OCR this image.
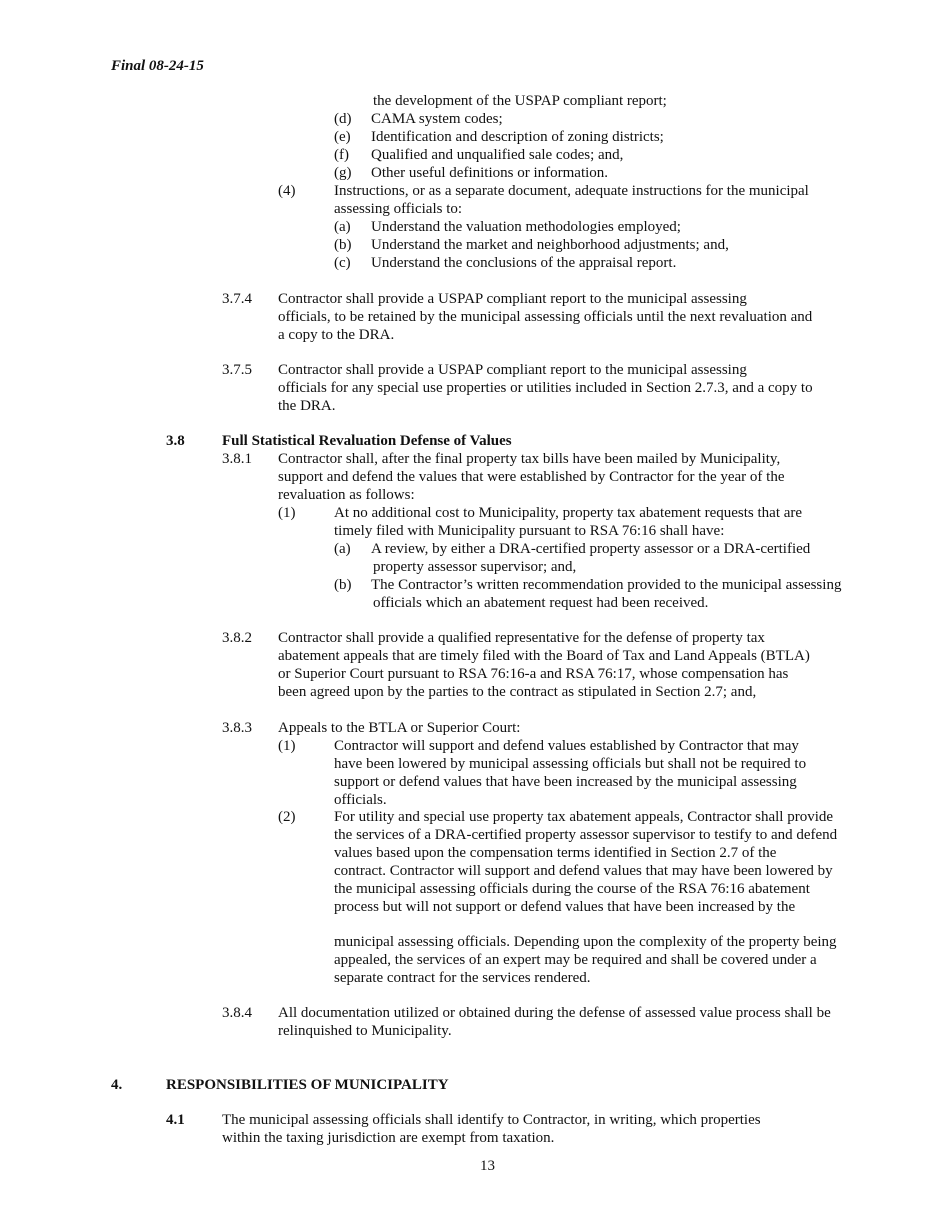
Final 08-24-15
the development of the USPAP compliant report;
(d) CAMA system codes;
(e) Identification and description of zoning districts;
(f) Qualified and unqualified sale codes; and,
(g) Other useful definitions or information.
(4)	Instructions, or as a separate document, adequate instructions for the municipal
assessing officials to:
(a) Understand the valuation methodologies employed;
(b) Understand the market and neighborhood adjustments; and,
(c) Understand the conclusions of the appraisal report.
3.7.4 Contractor shall provide a USPAP compliant report to the municipal assessing
officials, to be retained by the municipal assessing officials until the next revaluation and
a copy to the DRA.
3.7.5 Contractor shall provide a USPAP compliant report to the municipal assessing
officials for any special use properties or utilities included in Section 2.7.3, and a copy to
the DRA.
3.8 Full Statistical Revaluation Defense of Values
3.8.1 Contractor shall, after the final property tax bills have been mailed by Municipality,
support and defend the values that were established by Contractor for the year of the
revaluation as follows:
(1)	At no additional cost to Municipality, property tax abatement requests that are
timely filed with Municipality pursuant to RSA 76:16 shall have:
(a) A review, by either a DRA-certified property assessor or a DRA-certified
property assessor supervisor; and,
(b) The Contractor’s written recommendation provided to the municipal assessing
officials which an abatement request had been received.
3.8.2 Contractor shall provide a qualified representative for the defense of property tax
abatement appeals that are timely filed with the Board of Tax and Land Appeals (BTLA)
or Superior Court pursuant to RSA 76:16-a and RSA 76:17, whose compensation has
been agreed upon by the parties to the contract as stipulated in Section 2.7; and,
3.8.3 Appeals to the BTLA or Superior Court:
(1)	Contractor will support and defend values established by Contractor that may
have been lowered by municipal assessing officials but shall not be required to
support or defend values that have been increased by the municipal assessing
officials.
(2)	For utility and special use property tax abatement appeals, Contractor shall provide
the services of a DRA-certified property assessor supervisor to testify to and defend
values based upon the compensation terms identified in Section 2.7 of the
contract. Contractor will support and defend values that may have been lowered by
the municipal assessing officials during the course of the RSA 76:16 abatement
process but will not support or defend values that have been increased by the
municipal assessing officials. Depending upon the complexity of the property being
appealed, the services of an expert may be required and shall be covered under a
separate contract for the services rendered.
3.8.4 All documentation utilized or obtained during the defense of assessed value process shall be
relinquished to Municipality.
4.	RESPONSIBILITIES OF MUNICIPALITY
4.1 The municipal assessing officials shall identify to Contractor, in writing, which properties
within the taxing jurisdiction are exempt from taxation.
13
